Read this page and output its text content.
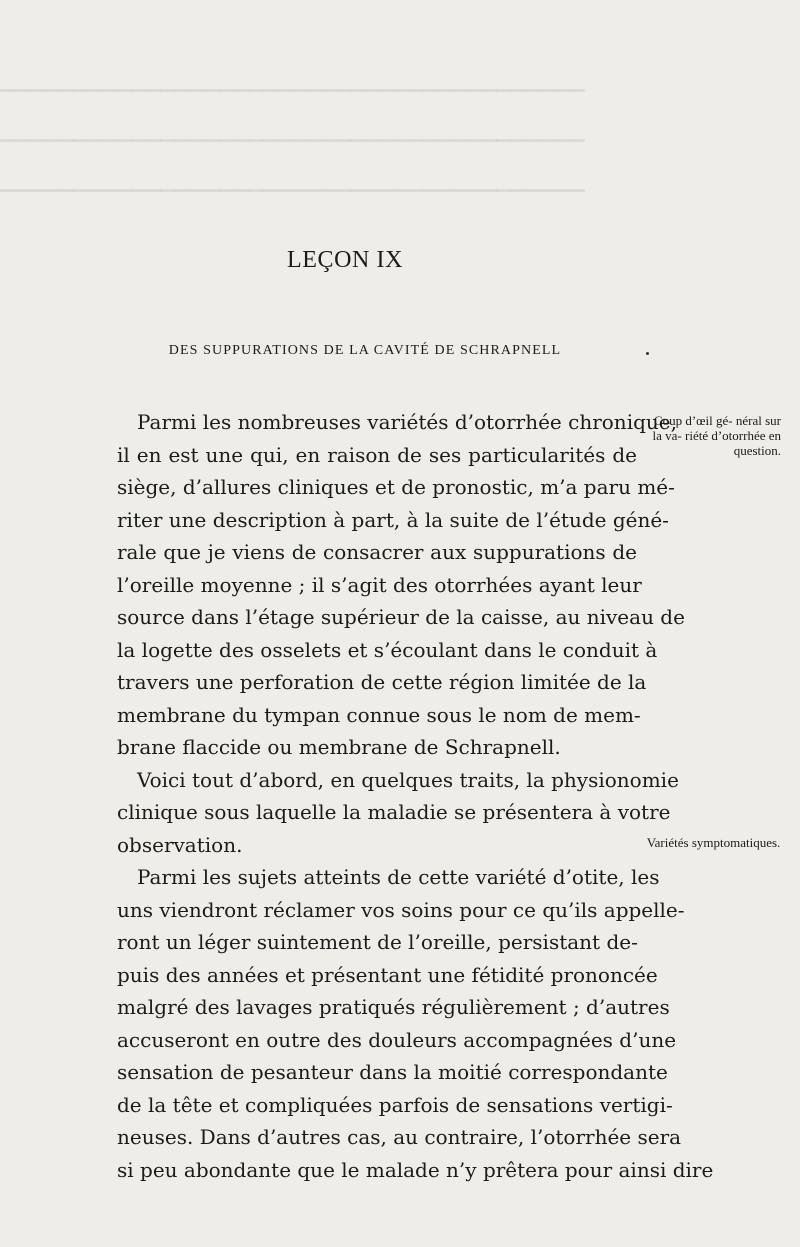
▔▔▔▔▔▔▔▔▔▔▔▔▔▔▔▔▔▔▔▔▔▔▔▔▔▔▔▔▔▔▔▔▔▔▔▔▔▔▔▔
▔▔▔▔▔▔▔▔▔▔▔▔▔▔▔▔▔▔▔▔▔▔▔▔▔▔▔▔▔▔▔▔▔▔▔▔▔▔▔▔
▔▔▔▔▔▔▔▔▔▔▔▔▔▔▔▔▔▔▔▔▔▔▔▔▔▔▔▔▔▔▔▔▔▔▔▔▔▔▔▔
LEÇON IX
DES SUPPURATIONS DE LA CAVITÉ DE SCHRAPNELL
Parmi les nombreuses variétés d’otorrhée chronique,
il en est une qui, en raison de ses particularités de
siège, d’allures cliniques et de pronostic, m’a paru mé-
riter une description à part, à la suite de l’étude géné-
rale que je viens de consacrer aux suppurations de
l’oreille moyenne ; il s’agit des otorrhées ayant leur
source dans l’étage supérieur de la caisse, au niveau de
la logette des osselets et s’écoulant dans le conduit à
travers une perforation de cette région limitée de la
membrane du tympan connue sous le nom de mem-
brane flaccide ou membrane de Schrapnell.
Voici tout d’abord, en quelques traits, la physionomie
clinique sous laquelle la maladie se présentera à votre
observation.
Parmi les sujets atteints de cette variété d’otite, les
uns viendront réclamer vos soins pour ce qu’ils appelle-
ront un léger suintement de l’oreille, persistant de-
puis des années et présentant une fétidité prononcée
malgré des lavages pratiqués régulièrement ; d’autres
accuseront en outre des douleurs accompagnées d’une
sensation de pesanteur dans la moitié correspondante
de la tête et compliquées parfois de sensations vertigi-
neuses. Dans d’autres cas, au contraire, l’otorrhée sera
si peu abondante que le malade n’y prêtera pour ainsi dire
Coup d’œil gé- néral sur la va- riété d’otorrhée en question.
Variétés symptomatiques.
